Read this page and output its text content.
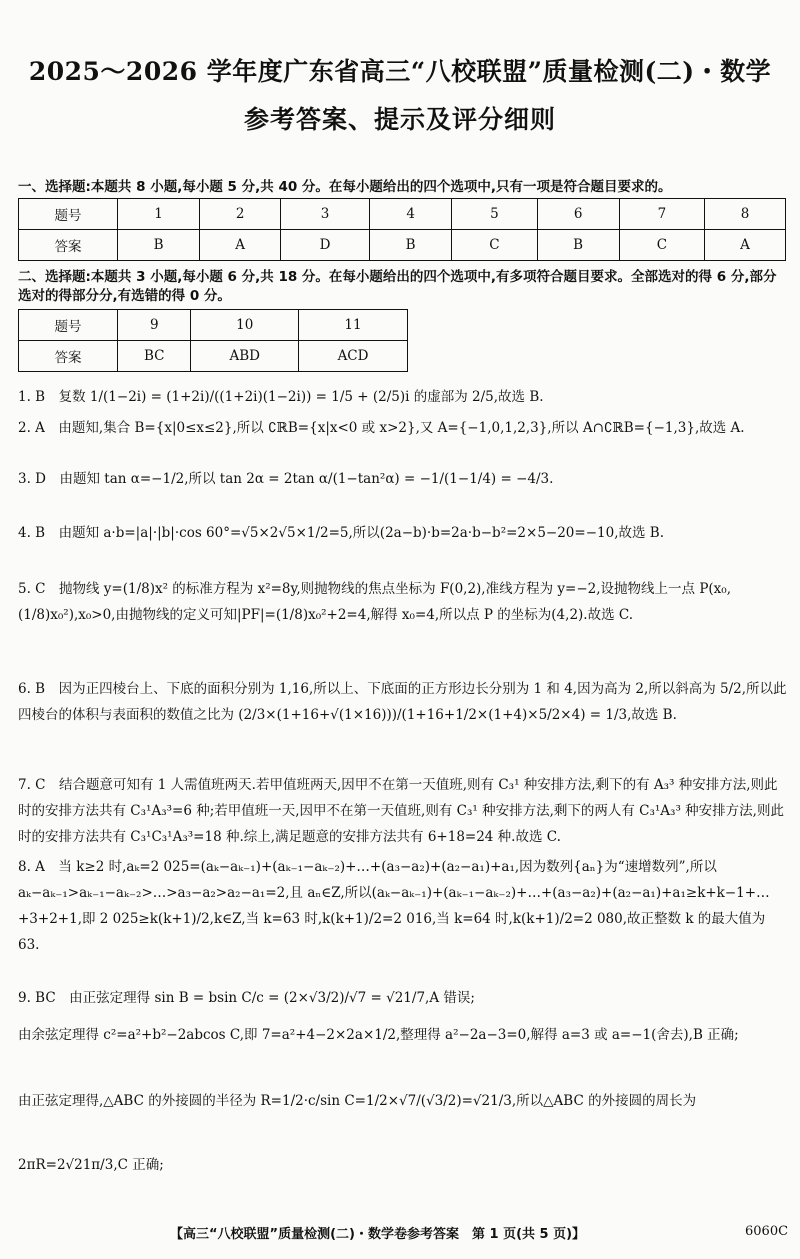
2025～2026 学年度广东省高三“八校联盟”质量检测(二)・数学
参考答案、提示及评分细则
一、选择题:本题共 8 小题,每小题 5 分,共 40 分。在每小题给出的四个选项中,只有一项是符合题目要求的。
题号	1	2	3	4	5	6	7	8
答案	B	A	D	B	C	B	C	A
二、选择题:本题共 3 小题,每小题 6 分,共 18 分。在每小题给出的四个选项中,有多项符合题目要求。全部选对的得 6 分,部分选对的得部分分,有选错的得 0 分。
题号	9	10	11
答案	BC	ABD	ACD
1. B　复数 1/(1−2i) = (1+2i)/((1+2i)(1−2i)) = 1/5 + (2/5)i 的虚部为 2/5,故选 B.
2. A　由题知,集合 B={x|0≤x≤2},所以 ∁ℝB={x|x<0 或 x>2},又 A={−1,0,1,2,3},所以 A∩∁ℝB={−1,3},故选 A.
3. D　由题知 tan α=−1/2,所以 tan 2α = 2tan α/(1−tan²α) = −1/(1−1/4) = −4/3.
4. B　由题知 a·b=|a|·|b|·cos 60°=√5×2√5×1/2=5,所以(2a−b)·b=2a·b−b²=2×5−20=−10,故选 B.
5. C　抛物线 y=(1/8)x² 的标准方程为 x²=8y,则抛物线的焦点坐标为 F(0,2),准线方程为 y=−2,设抛物线上一点 P(x₀,(1/8)x₀²),x₀>0,由抛物线的定义可知|PF|=(1/8)x₀²+2=4,解得 x₀=4,所以点 P 的坐标为(4,2).故选 C.
6. B　因为正四棱台上、下底的面积分别为 1,16,所以上、下底面的正方形边长分别为 1 和 4,因为高为 2,所以斜高为 5/2,所以此四棱台的体积与表面积的数值之比为 (2/3×(1+16+√(1×16)))/(1+16+1/2×(1+4)×5/2×4) = 1/3,故选 B.
7. C　结合题意可知有 1 人需值班两天.若甲值班两天,因甲不在第一天值班,则有 C₃¹ 种安排方法,剩下的有 A₃³ 种安排方法,则此时的安排方法共有 C₃¹A₃³=6 种;若甲值班一天,因甲不在第一天值班,则有 C₃¹ 种安排方法,剩下的两人有 C₃¹A₃³ 种安排方法,则此时的安排方法共有 C₃¹C₃¹A₃³=18 种.综上,满足题意的安排方法共有 6+18=24 种.故选 C.
8. A　当 k≥2 时,aₖ=2 025=(aₖ−aₖ₋₁)+(aₖ₋₁−aₖ₋₂)+…+(a₃−a₂)+(a₂−a₁)+a₁,因为数列{aₙ}为“速增数列”,所以 aₖ−aₖ₋₁>aₖ₋₁−aₖ₋₂>…>a₃−a₂>a₂−a₁=2,且 aₙ∈Z,所以(aₖ−aₖ₋₁)+(aₖ₋₁−aₖ₋₂)+…+(a₃−a₂)+(a₂−a₁)+a₁≥k+k−1+…+3+2+1,即 2 025≥k(k+1)/2,k∈Z,当 k=63 时,k(k+1)/2=2 016,当 k=64 时,k(k+1)/2=2 080,故正整数 k 的最大值为 63.
9. BC　由正弦定理得 sin B = bsin C/c = (2×√3/2)/√7 = √21/7,A 错误;
由余弦定理得 c²=a²+b²−2abcos C,即 7=a²+4−2×2a×1/2,整理得 a²−2a−3=0,解得 a=3 或 a=−1(舍去),B 正确;
由正弦定理得,△ABC 的外接圆的半径为 R=1/2·c/sin C=1/2×√7/(√3/2)=√21/3,所以△ABC 的外接圆的周长为
2πR=2√21π/3,C 正确;
【高三“八校联盟”质量检测(二)・数学卷参考答案　第 1 页(共 5 页)】	6060C
